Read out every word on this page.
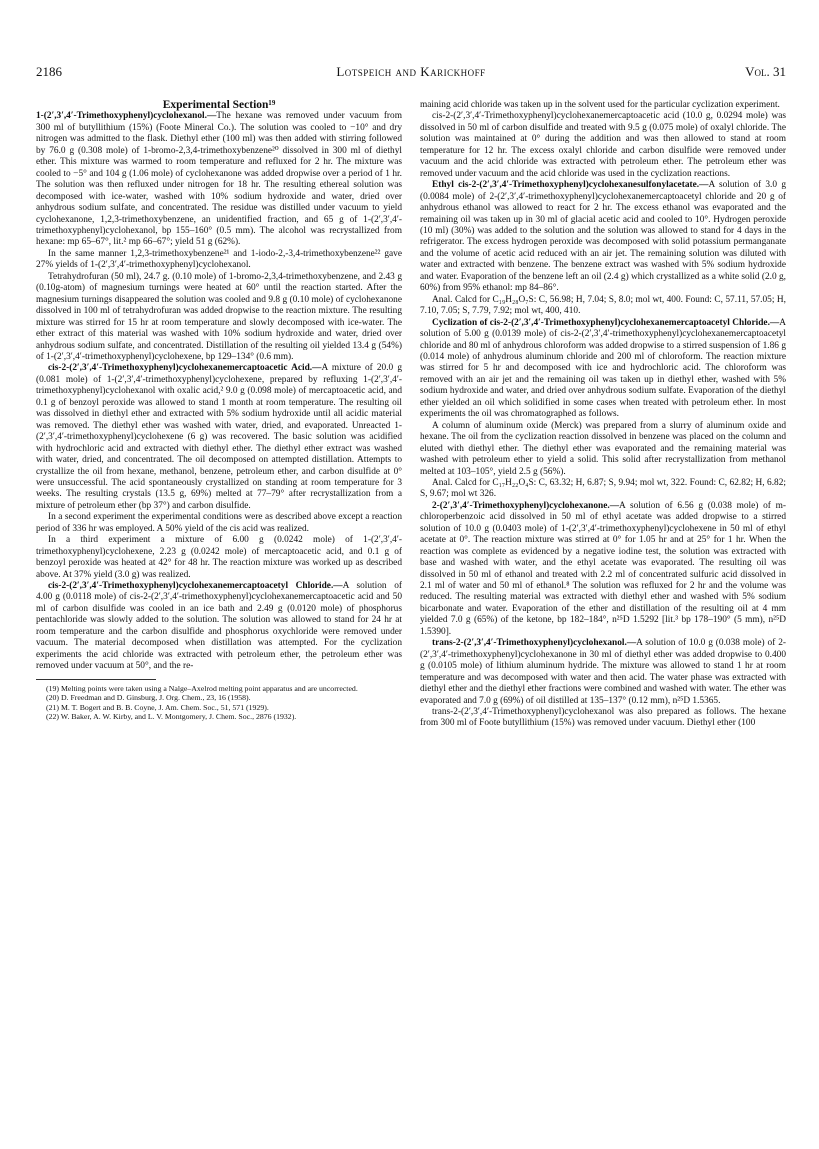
2186	Lotspeich and Karickhoff	Vol. 31

Experimental Section¹⁹

1-(2′,3′,4′-Trimethoxyphenyl)cyclohexanol.—The hexane was removed under vacuum from 300 ml of butyllithium (15%) (Foote Mineral Co.). The solution was cooled to −10° and dry nitrogen was admitted to the flask. Diethyl ether (100 ml) was then added with stirring followed by 76.0 g (0.308 mole) of 1-bromo-2,3,4-trimethoxybenzene²⁰ dissolved in 300 ml of diethyl ether. This mixture was warmed to room temperature and refluxed for 2 hr. The mixture was cooled to −5° and 104 g (1.06 mole) of cyclohexanone was added dropwise over a period of 1 hr. The solution was then refluxed under nitrogen for 18 hr. The resulting ethereal solution was decomposed with ice-water, washed with 10% sodium hydroxide and water, dried over anhydrous sodium sulfate, and concentrated. The residue was distilled under vacuum to yield cyclohexanone, 1,2,3-trimethoxybenzene, an unidentified fraction, and 65 g of 1-(2′,3′,4′-trimethoxyphenyl)cyclohexanol, bp 155–160° (0.5 mm). The alcohol was recrystallized from hexane: mp 65–67°, lit.² mp 66–67°; yield 51 g (62%).

In the same manner 1,2,3-trimethoxybenzene²¹ and 1-iodo-2,-3,4-trimethoxybenzene²² gave 27% yields of 1-(2′,3′,4′-trimethoxyphenyl)cyclohexanol.

Tetrahydrofuran (50 ml), 24.7 g. (0.10 mole) of 1-bromo-2,3,4-trimethoxybenzene, and 2.43 g (0.10g-atom) of magnesium turnings were heated at 60° until the reaction started. After the magnesium turnings disappeared the solution was cooled and 9.8 g (0.10 mole) of cyclohexanone dissolved in 100 ml of tetrahydrofuran was added dropwise to the reaction mixture. The resulting mixture was stirred for 15 hr at room temperature and slowly decomposed with ice-water. The ether extract of this material was washed with 10% sodium hydroxide and water, dried over anhydrous sodium sulfate, and concentrated. Distillation of the resulting oil yielded 13.4 g (54%) of 1-(2′,3′,4′-trimethoxyphenyl)cyclohexene, bp 129–134° (0.6 mm).

cis-2-(2′,3′,4′-Trimethoxyphenyl)cyclohexanemercaptoacetic Acid.—A mixture of 20.0 g (0.081 mole) of 1-(2′,3′,4′-trimethoxyphenyl)cyclohexene, prepared by refluxing 1-(2′,3′,4′-trimethoxyphenyl)cyclohexanol with oxalic acid,² 9.0 g (0.098 mole) of mercaptoacetic acid, and 0.1 g of benzoyl peroxide was allowed to stand 1 month at room temperature. The resulting oil was dissolved in diethyl ether and extracted with 5% sodium hydroxide until all acidic material was removed. The diethyl ether was washed with water, dried, and evaporated. Unreacted 1-(2′,3′,4′-trimethoxyphenyl)cyclohexene (6 g) was recovered. The basic solution was acidified with hydrochloric acid and extracted with diethyl ether. The diethyl ether extract was washed with water, dried, and concentrated. The oil decomposed on attempted distillation. Attempts to crystallize the oil from hexane, methanol, benzene, petroleum ether, and carbon disulfide at 0° were unsuccessful. The acid spontaneously crystallized on standing at room temperature for 3 weeks. The resulting crystals (13.5 g, 69%) melted at 77–79° after recrystallization from a mixture of petroleum ether (bp 37°) and carbon disulfide.

In a second experiment the experimental conditions were as described above except a reaction period of 336 hr was employed. A 50% yield of the cis acid was realized.

In a third experiment a mixture of 6.00 g (0.0242 mole) of 1-(2′,3′,4′-trimethoxyphenyl)cyclohexene, 2.23 g (0.0242 mole) of mercaptoacetic acid, and 0.1 g of benzoyl peroxide was heated at 42° for 48 hr. The reaction mixture was worked up as described above. At 37% yield (3.0 g) was realized.

cis-2-(2′,3′,4′-Trimethoxyphenyl)cyclohexanemercaptoacetyl Chloride.—A solution of 4.00 g (0.0118 mole) of cis-2-(2′,3′,4′-trimethoxyphenyl)cyclohexanemercaptoacetic acid and 50 ml of carbon disulfide was cooled in an ice bath and 2.49 g (0.0120 mole) of phosphorus pentachloride was slowly added to the solution. The solution was allowed to stand for 24 hr at room temperature and the carbon disulfide and phosphorus oxychloride were removed under vacuum. The material decomposed when distillation was attempted. For the cyclization experiments the acid chloride was extracted with petroleum ether, the petroleum ether was removed under vacuum at 50°, and the re-

(19) Melting points were taken using a Nalge–Axelrod melting point apparatus and are uncorrected.

(20) D. Freedman and D. Ginsburg, J. Org. Chem., 23, 16 (1958).

(21) M. T. Bogert and B. B. Coyne, J. Am. Chem. Soc., 51, 571 (1929).

(22) W. Baker, A. W. Kirby, and L. V. Montgomery, J. Chem. Soc., 2876 (1932).

maining acid chloride was taken up in the solvent used for the particular cyclization experiment.

cis-2-(2′,3′,4′-Trimethoxyphenyl)cyclohexanemercaptoacetic acid (10.0 g, 0.0294 mole) was dissolved in 50 ml of carbon disulfide and treated with 9.5 g (0.075 mole) of oxalyl chloride. The solution was maintained at 0° during the addition and was then allowed to stand at room temperature for 12 hr. The excess oxalyl chloride and carbon disulfide were removed under vacuum and the acid chloride was extracted with petroleum ether. The petroleum ether was removed under vacuum and the acid chloride was used in the cyclization reactions.

Ethyl cis-2-(2′,3′,4′-Trimethoxyphenyl)cyclohexanesulfonylacetate.—A solution of 3.0 g (0.0084 mole) of 2-(2′,3′,4′-trimethoxyphenyl)cyclohexanemercaptoacetyl chloride and 20 g of anhydrous ethanol was allowed to react for 2 hr. The excess ethanol was evaporated and the remaining oil was taken up in 30 ml of glacial acetic acid and cooled to 10°. Hydrogen peroxide (10 ml) (30%) was added to the solution and the solution was allowed to stand for 4 days in the refrigerator. The excess hydrogen peroxide was decomposed with solid potassium permanganate and the volume of acetic acid reduced with an air jet. The remaining solution was diluted with water and extracted with benzene. The benzene extract was washed with 5% sodium hydroxide and water. Evaporation of the benzene left an oil (2.4 g) which crystallized as a white solid (2.0 g, 60%) from 95% ethanol: mp 84–86°.

Anal. Calcd for C₁₉H₂₈O₇S: C, 56.98; H, 7.04; S, 8.0; mol wt, 400. Found: C, 57.11, 57.05; H, 7.10, 7.05; S, 7.79, 7.92; mol wt, 400, 410.

Cyclization of cis-2-(2′,3′,4′-Trimethoxyphenyl)cyclohexanemercaptoacetyl Chloride.—A solution of 5.00 g (0.0139 mole) of cis-2-(2′,3′,4′-trimethoxyphenyl)cyclohexanemercaptoacetyl chloride and 80 ml of anhydrous chloroform was added dropwise to a stirred suspension of 1.86 g (0.014 mole) of anhydrous aluminum chloride and 200 ml of chloroform. The reaction mixture was stirred for 5 hr and decomposed with ice and hydrochloric acid. The chloroform was removed with an air jet and the remaining oil was taken up in diethyl ether, washed with 5% sodium hydroxide and water, and dried over anhydrous sodium sulfate. Evaporation of the diethyl ether yielded an oil which solidified in some cases when treated with petroleum ether. In most experiments the oil was chromatographed as follows.

A column of aluminum oxide (Merck) was prepared from a slurry of aluminum oxide and hexane. The oil from the cyclization reaction dissolved in benzene was placed on the column and eluted with diethyl ether. The diethyl ether was evaporated and the remaining material was washed with petroleum ether to yield a solid. This solid after recrystallization from methanol melted at 103–105°, yield 2.5 g (56%).

Anal. Calcd for C₁₇H₂₂O₄S: C, 63.32; H, 6.87; S, 9.94; mol wt, 322. Found: C, 62.82; H, 6.82; S, 9.67; mol wt 326.

2-(2′,3′,4′-Trimethoxyphenyl)cyclohexanone.—A solution of 6.56 g (0.038 mole) of m-chloroperbenzoic acid dissolved in 50 ml of ethyl acetate was added dropwise to a stirred solution of 10.0 g (0.0403 mole) of 1-(2′,3′,4′-trimethoxyphenyl)cyclohexene in 50 ml of ethyl acetate at 0°. The reaction mixture was stirred at 0° for 1.05 hr and at 25° for 1 hr. When the reaction was complete as evidenced by a negative iodine test, the solution was extracted with base and washed with water, and the ethyl acetate was evaporated. The resulting oil was dissolved in 50 ml of ethanol and treated with 2.2 ml of concentrated sulfuric acid dissolved in 2.1 ml of water and 50 ml of ethanol.⁸ The solution was refluxed for 2 hr and the volume was reduced. The resulting material was extracted with diethyl ether and washed with 5% sodium bicarbonate and water. Evaporation of the ether and distillation of the resulting oil at 4 mm yielded 7.0 g (65%) of the ketone, bp 182–184°, n²⁵D 1.5292 [lit.³ bp 178–190° (5 mm), n²⁵D 1.5390].

trans-2-(2′,3′,4′-Trimethoxyphenyl)cyclohexanol.—A solution of 10.0 g (0.038 mole) of 2-(2′,3′,4′-trimethoxyphenyl)cyclohexanone in 30 ml of diethyl ether was added dropwise to 0.400 g (0.0105 mole) of lithium aluminum hydride. The mixture was allowed to stand 1 hr at room temperature and was decomposed with water and then acid. The water phase was extracted with diethyl ether and the diethyl ether fractions were combined and washed with water. The ether was evaporated and 7.0 g (69%) of oil distilled at 135–137° (0.12 mm), n²⁵D 1.5365.

trans-2-(2′,3′,4′-Trimethoxyphenyl)cyclohexanol was also prepared as follows. The hexane from 300 ml of Foote butyllithium (15%) was removed under vacuum. Diethyl ether (100
